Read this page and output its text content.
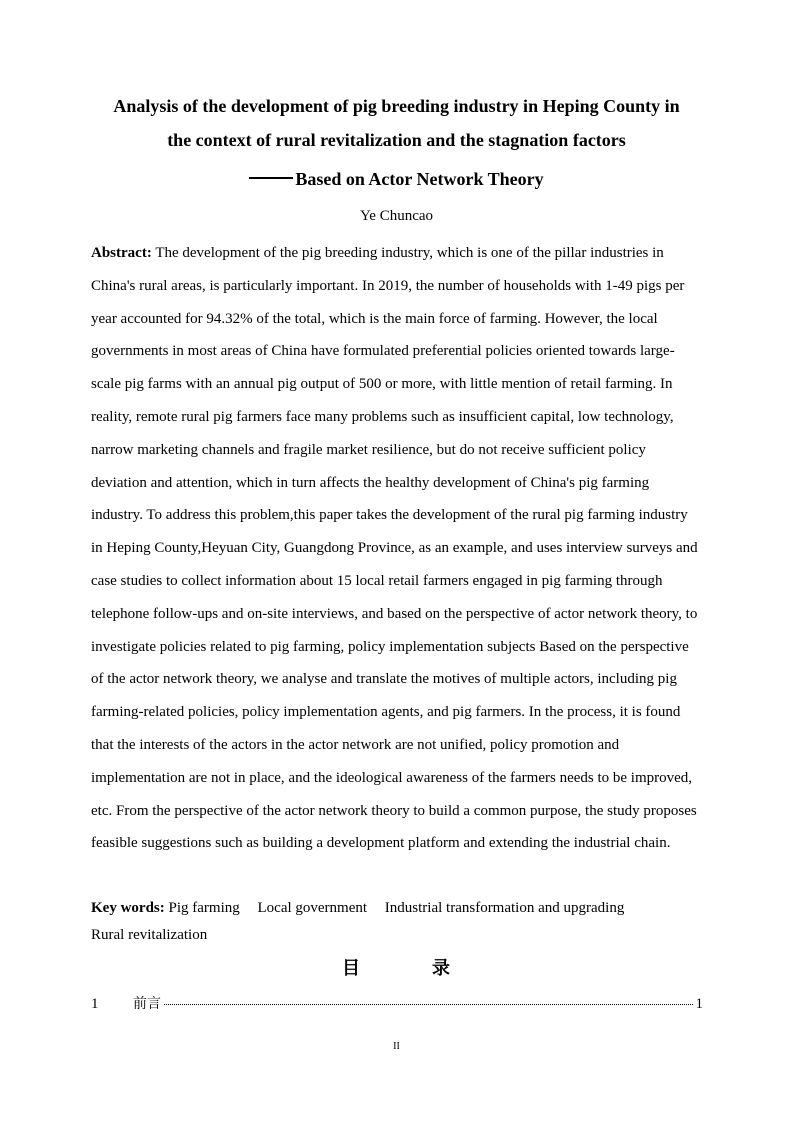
Analysis of the development of pig breeding industry in Heping County in
the context of rural revitalization and the stagnation factors
Based on Actor Network Theory
Ye Chuncao
Abstract: The development of the pig breeding industry, which is one of the pillar industries in China's rural areas, is particularly important. In 2019, the number of households with 1-49 pigs per year accounted for 94.32% of the total, which is the main force of farming. However, the local governments in most areas of China have formulated preferential policies oriented towards large-scale pig farms with an annual pig output of 500 or more, with little mention of retail farming. In reality, remote rural pig farmers face many problems such as insufficient capital, low technology, narrow marketing channels and fragile market resilience, but do not receive sufficient policy deviation and attention, which in turn affects the healthy development of China's pig farming industry. To address this problem,this paper takes the development of the rural pig farming industry in Heping County,Heyuan City, Guangdong Province, as an example, and uses interview surveys and case studies to collect information about 15 local retail farmers engaged in pig farming through telephone follow-ups and on-site interviews, and based on the perspective of actor network theory, to investigate policies related to pig farming, policy implementation subjects Based on the perspective of the actor network theory, we analyse and translate the motives of multiple actors, including pig farming-related policies, policy implementation agents, and pig farmers. In the process, it is found that the interests of the actors in the actor network are not unified, policy promotion and implementation are not in place, and the ideological awareness of the farmers needs to be improved, etc. From the perspective of the actor network theory to build a common purpose, the study proposes feasible suggestions such as building a development platform and extending the industrial chain.
Key words: Pig farming Local government Industrial transformation and upgrading
Rural revitalization
目	录
1	前言	1
II
